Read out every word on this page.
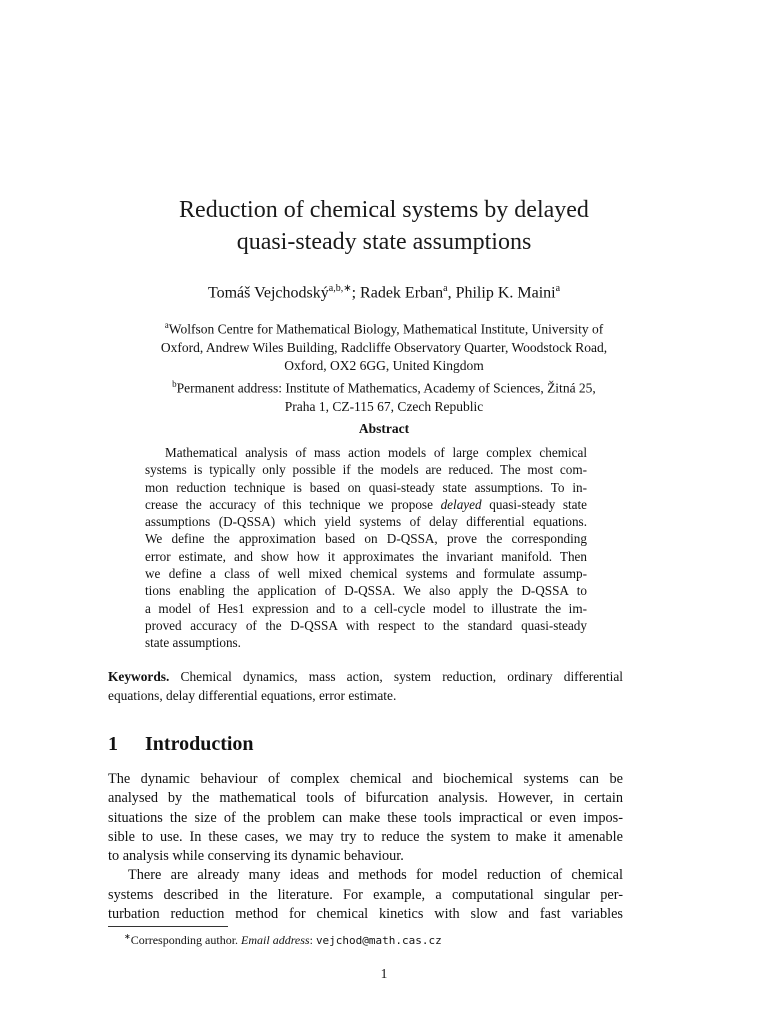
Reduction of chemical systems by delayed
quasi-steady state assumptions
Tomáš Vejchodský$^{a,b,∗}$; Radek Erban$^a$, Philip K. Maini$^a$
$^a$Wolfson Centre for Mathematical Biology, Mathematical Institute, University of
Oxford, Andrew Wiles Building, Radcliffe Observatory Quarter, Woodstock Road,
Oxford, OX2 6GG, United Kingdom
$^b$Permanent address: Institute of Mathematics, Academy of Sciences, Žitná 25,
Praha 1, CZ-115 67, Czech Republic
Abstract
Mathematical analysis of mass action models of large complex chemical
systems is typically only possible if the models are reduced. The most com-
mon reduction technique is based on quasi-steady state assumptions. To in-
crease the accuracy of this technique we propose delayed quasi-steady state
assumptions (D-QSSA) which yield systems of delay differential equations.
We define the approximation based on D-QSSA, prove the corresponding
error estimate, and show how it approximates the invariant manifold. Then
we define a class of well mixed chemical systems and formulate assump-
tions enabling the application of D-QSSA. We also apply the D-QSSA to
a model of Hes1 expression and to a cell-cycle model to illustrate the im-
proved accuracy of the D-QSSA with respect to the standard quasi-steady
state assumptions.
Keywords. Chemical dynamics, mass action, system reduction, ordinary differential
equations, delay differential equations, error estimate.
1 Introduction
The dynamic behaviour of complex chemical and biochemical systems can be
analysed by the mathematical tools of bifurcation analysis. However, in certain
situations the size of the problem can make these tools impractical or even impos-
sible to use. In these cases, we may try to reduce the system to make it amenable
to analysis while conserving its dynamic behaviour.
There are already many ideas and methods for model reduction of chemical
systems described in the literature. For example, a computational singular per-
turbation reduction method for chemical kinetics with slow and fast variables
∗Corresponding author. Email address: vejchod@math.cas.cz
1
